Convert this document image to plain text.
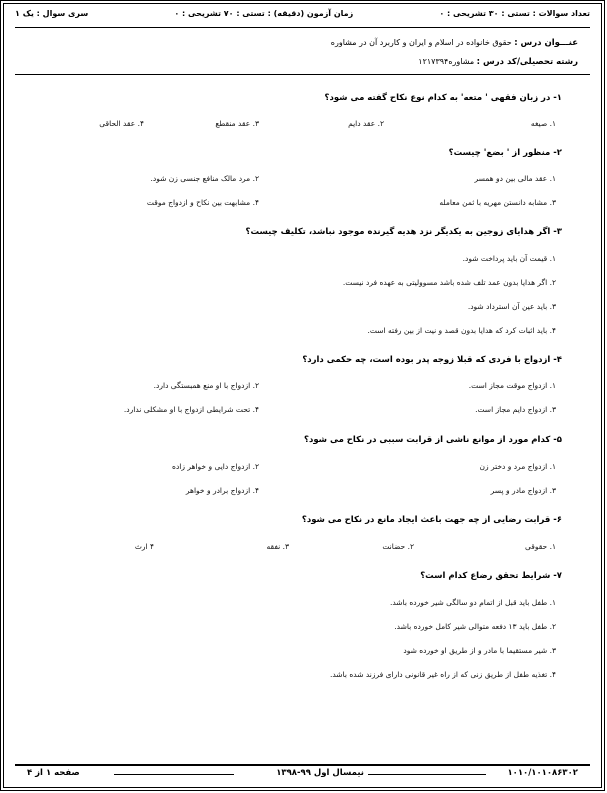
تعداد سوالات : تستی : ۳۰ تشریحی : ۰
زمان آزمون (دقیقه) : تستی : ۷۰ تشریحی : ۰
سری سوال : یک ۱
عنـــوان درس : حقوق خانواده در اسلام و ایران و کاربرد آن در مشاوره
رشته تحصیلی/کد درس : مشاوره۱۲۱۷۳۹۴
۱- در زبان فقهی ' متعه' به کدام نوع نکاح گفته می شود؟
۱. صیغه
۲. عقد دایم
۳. عقد منقطع
۴. عقد الحاقی
۲- منظور از ' بضع' چیست؟
۱. عقد مالی بین دو همسر
۲. مرد مالک منافع جنسی زن شود.
۳. مشابه دانستن مهریه با ثمن معامله
۴. مشابهت بین نکاح و ازدواج موقت
۳- اگر هدایای زوجین به یکدیگر نزد هدیه گیرنده موجود نباشد، تکلیف چیست؟
۱. قیمت آن باید پرداخت شود.
۲. اگر هدایا بدون عمد تلف شده باشد مسوولیتی به عهده فرد نیست.
۳. باید عین آن استرداد شود.
۴. باید اثبات کرد که هدایا بدون قصد و نیت از بین رفته است.
۴- ازدواج با فردی که قبلا زوجه پدر بوده است، چه حکمی دارد؟
۱. ازدواج موقت مجاز است.
۲. ازدواج با او منع همبستگی دارد.
۳. ازدواج دایم مجاز است.
۴. تحت شرایطی ازدواج با او مشکلی ندارد.
۵- کدام مورد از موانع ناشی از قرابت سببی در نکاح می شود؟
۱. ازدواج مرد و دختر زن
۲. ازدواج دایی و خواهر زاده
۳. ازدواج مادر و پسر
۴. ازدواج برادر و خواهر
۶- قرابت رضایی از چه جهت باعث ایجاد مانع در نکاح می شود؟
۱. حقوقی
۲. حضانت
۳. نفقه
۴ ارث
۷- شرایط تحقق رضاع کدام است؟
۱. طفل باید قبل از اتمام دو سالگی شیر خورده باشد.
۲. طفل باید ۱۳ دفعه متوالی شیر کامل خورده باشد.
۳. شیر مستقیما با مادر و از طریق او خورده شود
۴. تغذیه طفل از طریق زنی که از راه غیر قانونی دارای فرزند شده باشد.
۱۰۱۰/۱۰۱۰۸۶۳۰۲
نیمسال اول ۹۹-۱۳۹۸
صفحه ۱ از ۴
